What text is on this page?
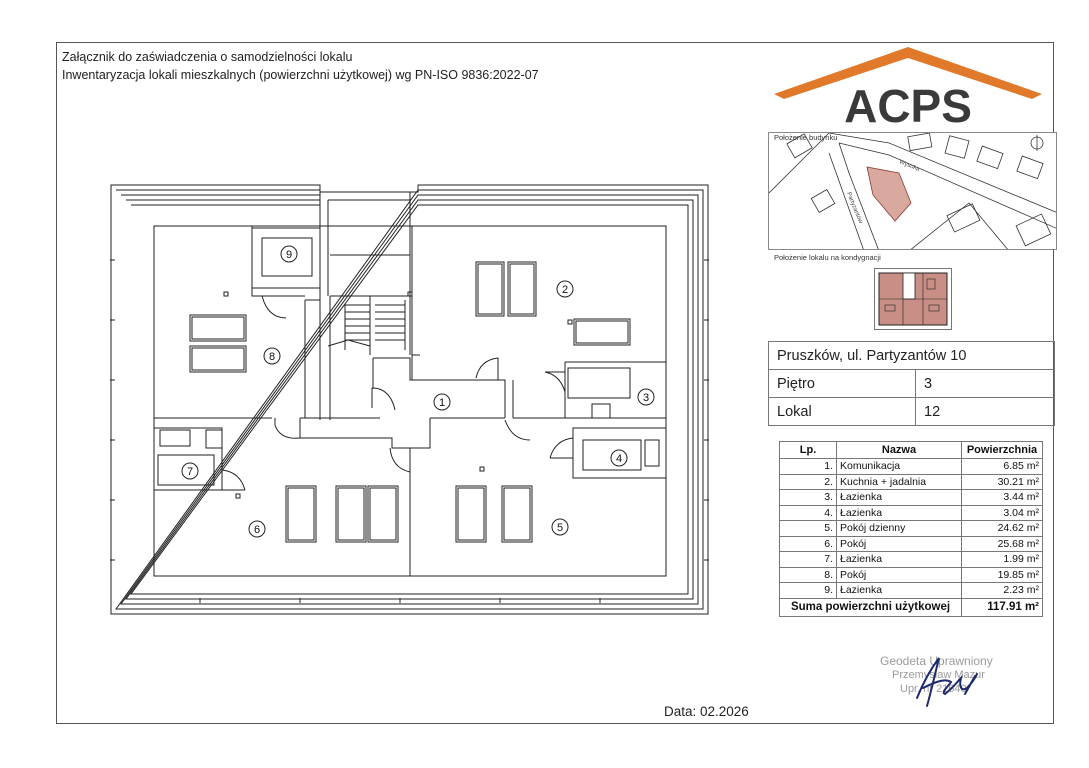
Załącznik do zaświadczenia o samodzielności lokalu
Inwentaryzacja lokali mieszkalnych (powierzchni użytkowej) wg PN-ISO 9836:2022-07
1
2
3
4
5
6
7
8
9
ACPS
Wysoka
Partyzantów
Położenie budynku
Położenie lokalu na kondygnacji
Pruszków, ul. Partyzantów 10	
Piętro	3
Lokal	12
Lp.	Nazwa	Powierzchnia
1.	Komunikacja	6.85 m²
2.	Kuchnia + jadalnia	30.21 m²
3.	Łazienka	3.44 m²
4.	Łazienka	3.04 m²
5.	Pokój dzienny	24.62 m²
6.	Pokój	25.68 m²
7.	Łazienka	1.99 m²
8.	Pokój	19.85 m²
9.	Łazienka	2.23 m²
Suma powierzchni użytkowej		117.91 m²
Geodeta Uprawniony
Przemysław Mazur
Upr. nr 21640
Data: 02.2026
